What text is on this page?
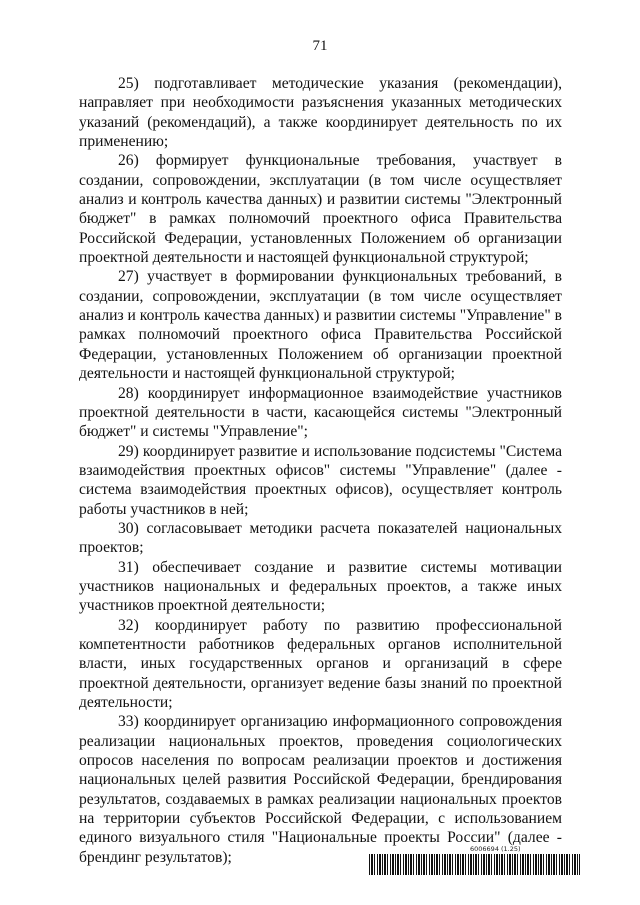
71

25) подготавливает методические указания (рекомендации), направляет при необходимости разъяснения указанных методических указаний (рекомендаций), а также координирует деятельность по их применению;

26) формирует функциональные требования, участвует в создании, сопровождении, эксплуатации (в том числе осуществляет анализ и контроль качества данных) и развитии системы "Электронный бюджет" в рамках полномочий проектного офиса Правительства Российской Федерации, установленных Положением об организации проектной деятельности и настоящей функциональной структурой;

27) участвует в формировании функциональных требований, в создании, сопровождении, эксплуатации (в том числе осуществляет анализ и контроль качества данных) и развитии системы "Управление" в рамках полномочий проектного офиса Правительства Российской Федерации, установленных Положением об организации проектной деятельности и настоящей функциональной структурой;

28) координирует информационное взаимодействие участников проектной деятельности в части, касающейся системы "Электронный бюджет" и системы "Управление";

29) координирует развитие и использование подсистемы "Система взаимодействия проектных офисов" системы "Управление" (далее - система взаимодействия проектных офисов), осуществляет контроль работы участников в ней;

30) согласовывает методики расчета показателей национальных проектов;

31) обеспечивает создание и развитие системы мотивации участников национальных и федеральных проектов, а также иных участников проектной деятельности;

32) координирует работу по развитию профессиональной компетентности работников федеральных органов исполнительной власти, иных государственных органов и организаций в сфере проектной деятельности, организует ведение базы знаний по проектной деятельности;

33) координирует организацию информационного сопровождения реализации национальных проектов, проведения социологических опросов населения по вопросам реализации проектов и достижения национальных целей развития Российской Федерации, брендирования результатов, создаваемых в рамках реализации национальных проектов на территории субъектов Российской Федерации, с использованием единого визуального стиля "Национальные проекты России" (далее - брендинг результатов);	6006694 (1.25)
